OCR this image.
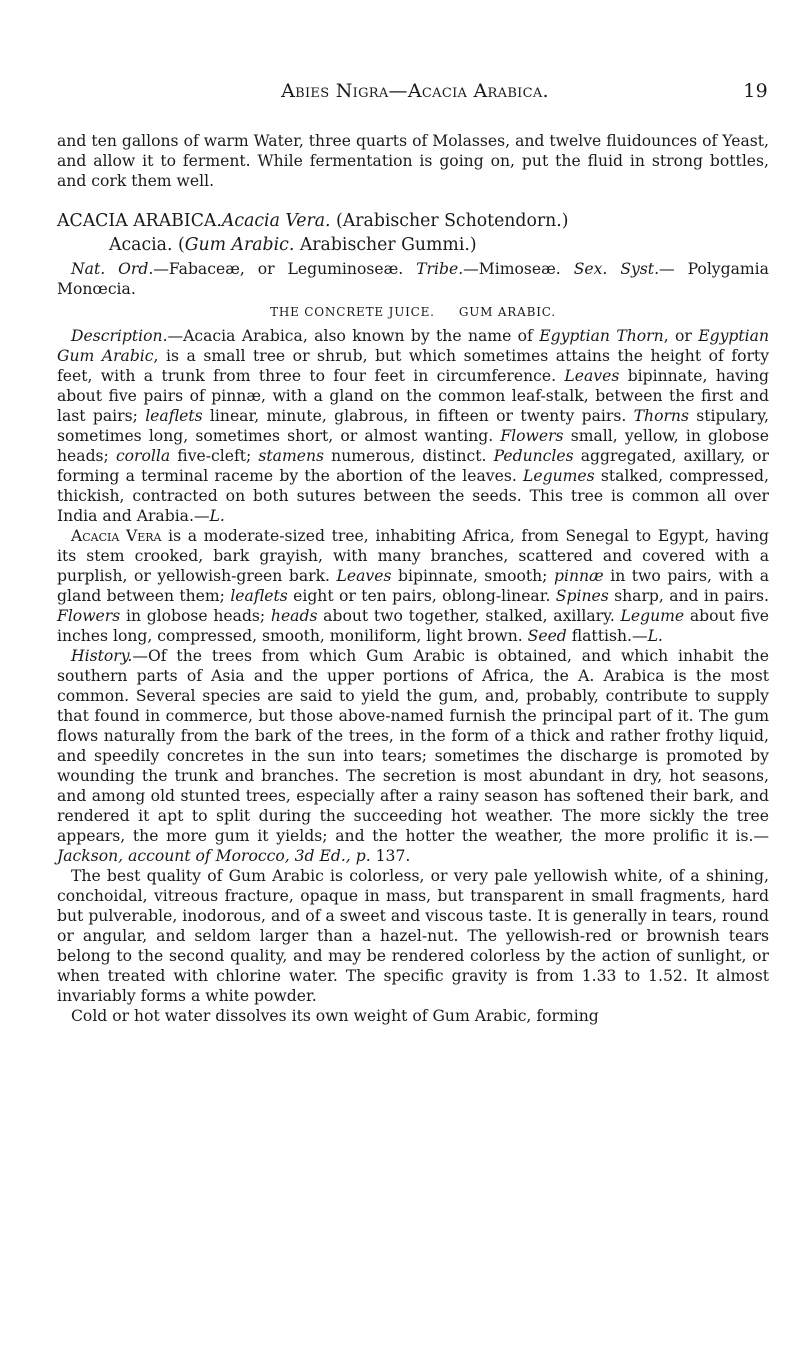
Abies Nigra—Acacia Arabica.	19

and ten gallons of warm Water, three quarts of Molasses, and twelve fluidounces of Yeast, and allow it to ferment. While fermentation is going on, put the fluid in strong bottles, and cork them well.

ACACIA ARABICA.Acacia Vera. (Arabischer Schotendorn.)

Acacia. (Gum Arabic. Arabischer Gummi.)

Nat. Ord.—Fabaceæ, or Leguminoseæ. Tribe.—Mimoseæ. Sex. Syst.— Polygamia Monœcia.

THE CONCRETE JUICE. GUM ARABIC.

Description.—Acacia Arabica, also known by the name of Egyptian Thorn, or Egyptian Gum Arabic, is a small tree or shrub, but which sometimes attains the height of forty feet, with a trunk from three to four feet in circumference. Leaves bipinnate, having about five pairs of pinnæ, with a gland on the common leaf-stalk, between the first and last pairs; leaflets linear, minute, glabrous, in fifteen or twenty pairs. Thorns stipulary, sometimes long, sometimes short, or almost wanting. Flowers small, yellow, in globose heads; corolla five-cleft; stamens numerous, distinct. Peduncles aggregated, axillary, or forming a terminal raceme by the abortion of the leaves. Legumes stalked, compressed, thickish, contracted on both sutures between the seeds. This tree is common all over India and Arabia.—L.

Acacia Vera is a moderate-sized tree, inhabiting Africa, from Senegal to Egypt, having its stem crooked, bark grayish, with many branches, scattered and covered with a purplish, or yellowish-green bark. Leaves bipinnate, smooth; pinnæ in two pairs, with a gland between them; leaflets eight or ten pairs, oblong-linear. Spines sharp, and in pairs. Flowers in globose heads; heads about two together, stalked, axillary. Legume about five inches long, compressed, smooth, moniliform, light brown. Seed flattish.—L.

History.—Of the trees from which Gum Arabic is obtained, and which inhabit the southern parts of Asia and the upper portions of Africa, the A. Arabica is the most common. Several species are said to yield the gum, and, probably, contribute to supply that found in commerce, but those above-named furnish the principal part of it. The gum flows naturally from the bark of the trees, in the form of a thick and rather frothy liquid, and speedily concretes in the sun into tears; sometimes the discharge is promoted by wounding the trunk and branches. The secretion is most abundant in dry, hot seasons, and among old stunted trees, especially after a rainy season has softened their bark, and rendered it apt to split during the succeeding hot weather. The more sickly the tree appears, the more gum it yields; and the hotter the weather, the more prolific it is.—Jackson, account of Morocco, 3d Ed., p. 137.

The best quality of Gum Arabic is colorless, or very pale yellowish white, of a shining, conchoidal, vitreous fracture, opaque in mass, but transparent in small fragments, hard but pulverable, inodorous, and of a sweet and viscous taste. It is generally in tears, round or angular, and seldom larger than a hazel-nut. The yellowish-red or brownish tears belong to the second quality, and may be rendered colorless by the action of sunlight, or when treated with chlorine water. The specific gravity is from 1.33 to 1.52. It almost invariably forms a white powder.

Cold or hot water dissolves its own weight of Gum Arabic, forming
